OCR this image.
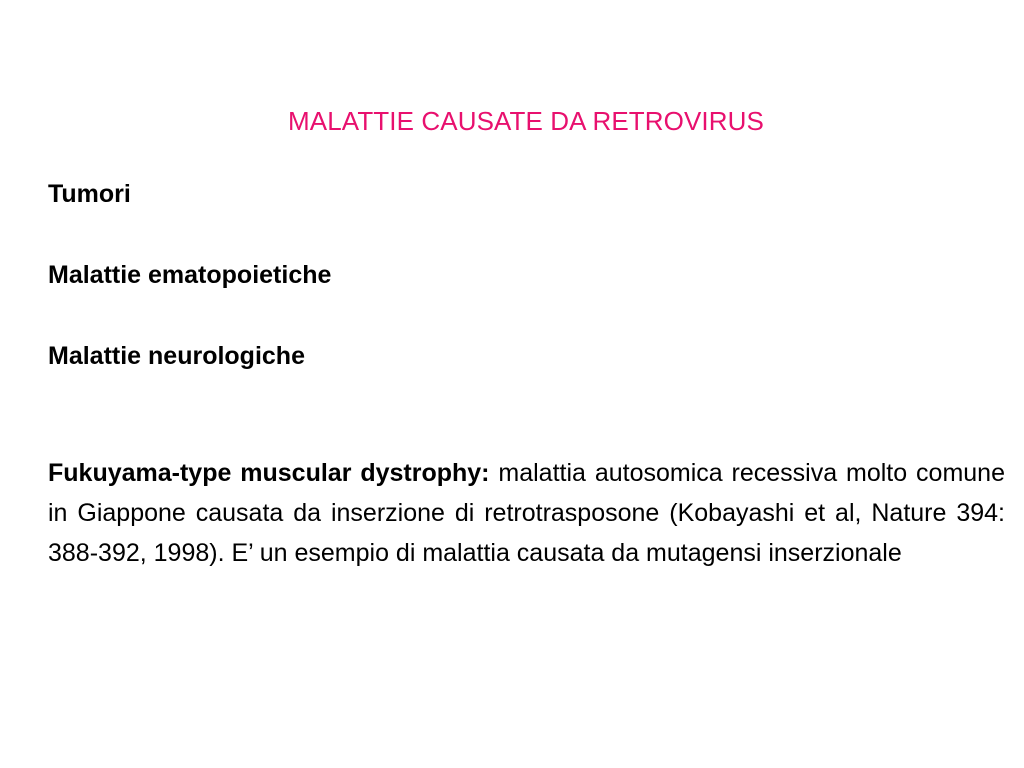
MALATTIE CAUSATE DA RETROVIRUS

Tumori

Malattie ematopoietiche

Malattie neurologiche

Fukuyama-type muscular dystrophy: malattia autosomica recessiva molto comune in Giappone causata da inserzione di retrotrasposone (Kobayashi et al, Nature 394: 388-392, 1998). E’ un esempio di malattia causata da mutagensi inserzionale
